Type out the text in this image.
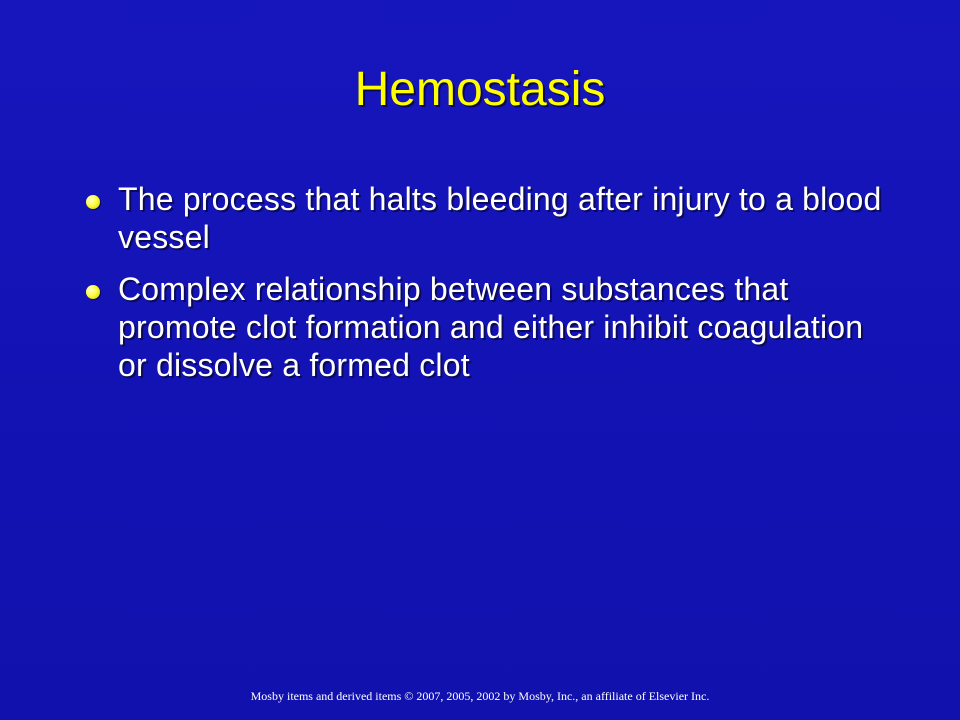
Hemostasis
The process that halts bleeding after injury to a blood vessel
Complex relationship between substances that promote clot formation and either inhibit coagulation or dissolve a formed clot
Mosby items and derived items © 2007, 2005, 2002 by Mosby, Inc., an affiliate of Elsevier Inc.
